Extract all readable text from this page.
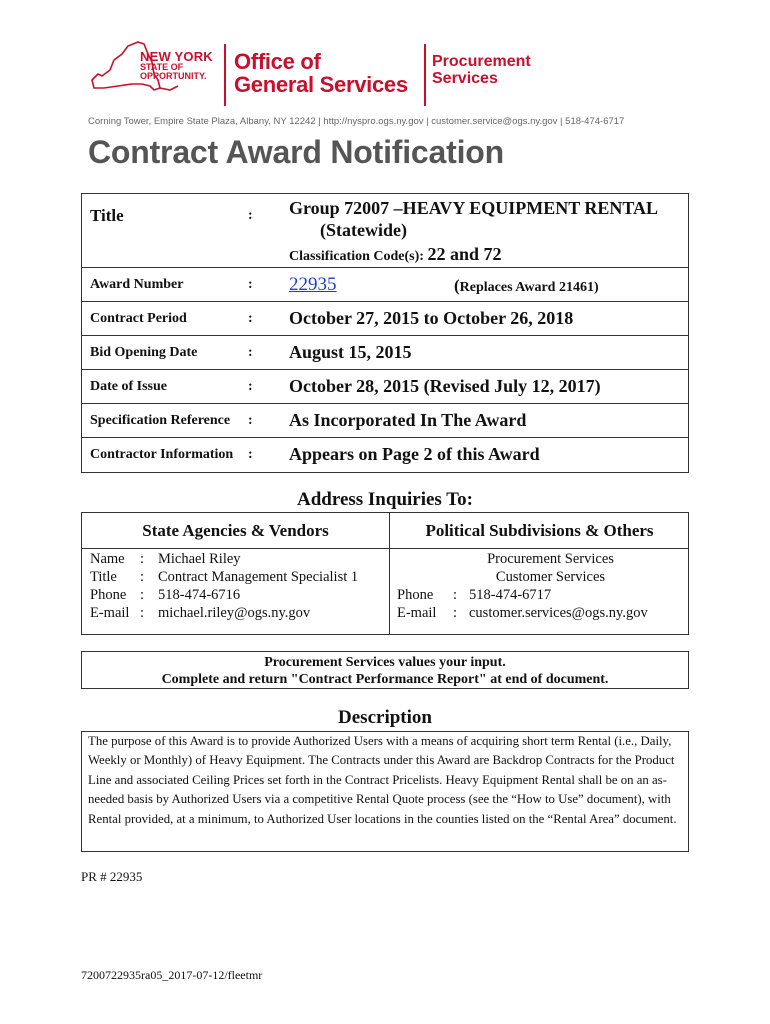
NEW YORK
STATE OF
OPPORTUNITY.
Office of
General Services
Procurement
Services
Corning Tower, Empire State Plaza, Albany, NY 12242 | http://nyspro.ogs.ny.gov | customer.service@ogs.ny.gov | 518-474-6717
Contract Award Notification
Title	: Group 72007 –HEAVY EQUIPMENT RENTAL
(Statewide)
Classification Code(s): 22 and 72
Award Number	: 22935	(Replaces Award 21461)
Contract Period	: October 27, 2015 to October 26, 2018
Bid Opening Date	: August 15, 2015
Date of Issue	: October 28, 2015 (Revised July 12, 2017)
Specification Reference : As Incorporated In The Award
Contractor Information : Appears on Page 2 of this Award
Address Inquiries To:
State Agencies & Vendors	Political Subdivisions & Others
Name	: Michael Riley
Title	: Contract Management Specialist 1
Phone : 518-474-6716
E-mail : michael.riley@ogs.ny.gov
Procurement Services
Customer Services
Phone	: 518-474-6717
E-mail	: customer.services@ogs.ny.gov
Procurement Services values your input.
Complete and return "Contract Performance Report" at end of document.
Description
The purpose of this Award is to provide Authorized Users with a means of acquiring short term Rental (i.e., Daily, Weekly or Monthly) of Heavy Equipment. The Contracts under this Award are Backdrop Contracts for the Product Line and associated Ceiling Prices set forth in the Contract Pricelists. Heavy Equipment Rental shall be on an as-needed basis by Authorized Users via a competitive Rental Quote process (see the “How to Use” document), with Rental provided, at a minimum, to Authorized User locations in the counties listed on the “Rental Area” document.
PR # 22935
7200722935ra05_2017-07-12/fleetmr
